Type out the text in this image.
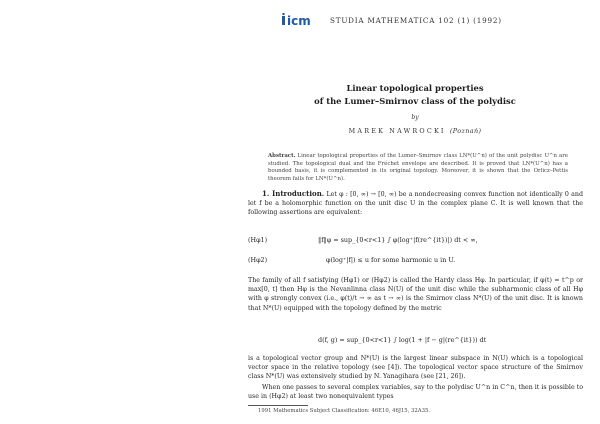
icm	STUDIA MATHEMATICA 102 (1) (1992)
Linear topological properties
of the Lumer–Smirnov class of the polydisc
by
MAREK NAWROCKI (Poznań)
Abstract. Linear topological properties of the Lumer–Smirnov class LN*(U^n) of the unit polydisc U^n are studied. The topological dual and the Fréchet envelope are described. It is proved that LN*(U^n) has a bounded basis, it is complemented in its original topology. Moreover, it is shown that the Orlicz–Pettis theorem fails for LN*(U^n).
1. Introduction. Let φ : [0, ∞) → [0, ∞) be a nondecreasing convex function not identically 0 and let f be a holomorphic function on the unit disc U in the complex plane C. It is well known that the following assertions are equivalent:
(Hφ1)	‖f‖φ = sup_{0<r<1} ∫ φ(log⁺|f(re^{it})|) dt < ∞,
(Hφ2)	φ(log⁺|f|) ≤ u for some harmonic u in U.
The family of all f satisfying (Hφ1) or (Hφ2) is called the Hardy class Hφ. In particular, if φ(t) = t^p or max[0, t] then Hφ is the Nevanlinna class N(U) of the unit disc while the subharmonic class of all Hφ with φ strongly convex (i.e., φ(t)/t → ∞ as t → ∞) is the Smirnov class N*(U) of the unit disc. It is known that N*(U) equipped with the topology defined by the metric
d(f, g) = sup_{0<r<1} ∫ log(1 + |f − g|(re^{it})) dt
is a topological vector group and N*(U) is the largest linear subspace in N(U) which is a topological vector space in the relative topology (see [4]). The topological vector space structure of the Smirnov class N*(U) was extensively studied by N. Yanagihara (see [21, 26]).
When one passes to several complex variables, say to the polydisc U^n in C^n, then it is possible to use in (Hφ2) at least two nonequivalent types
1991 Mathematics Subject Classification: 46E10, 46J15, 32A35.
